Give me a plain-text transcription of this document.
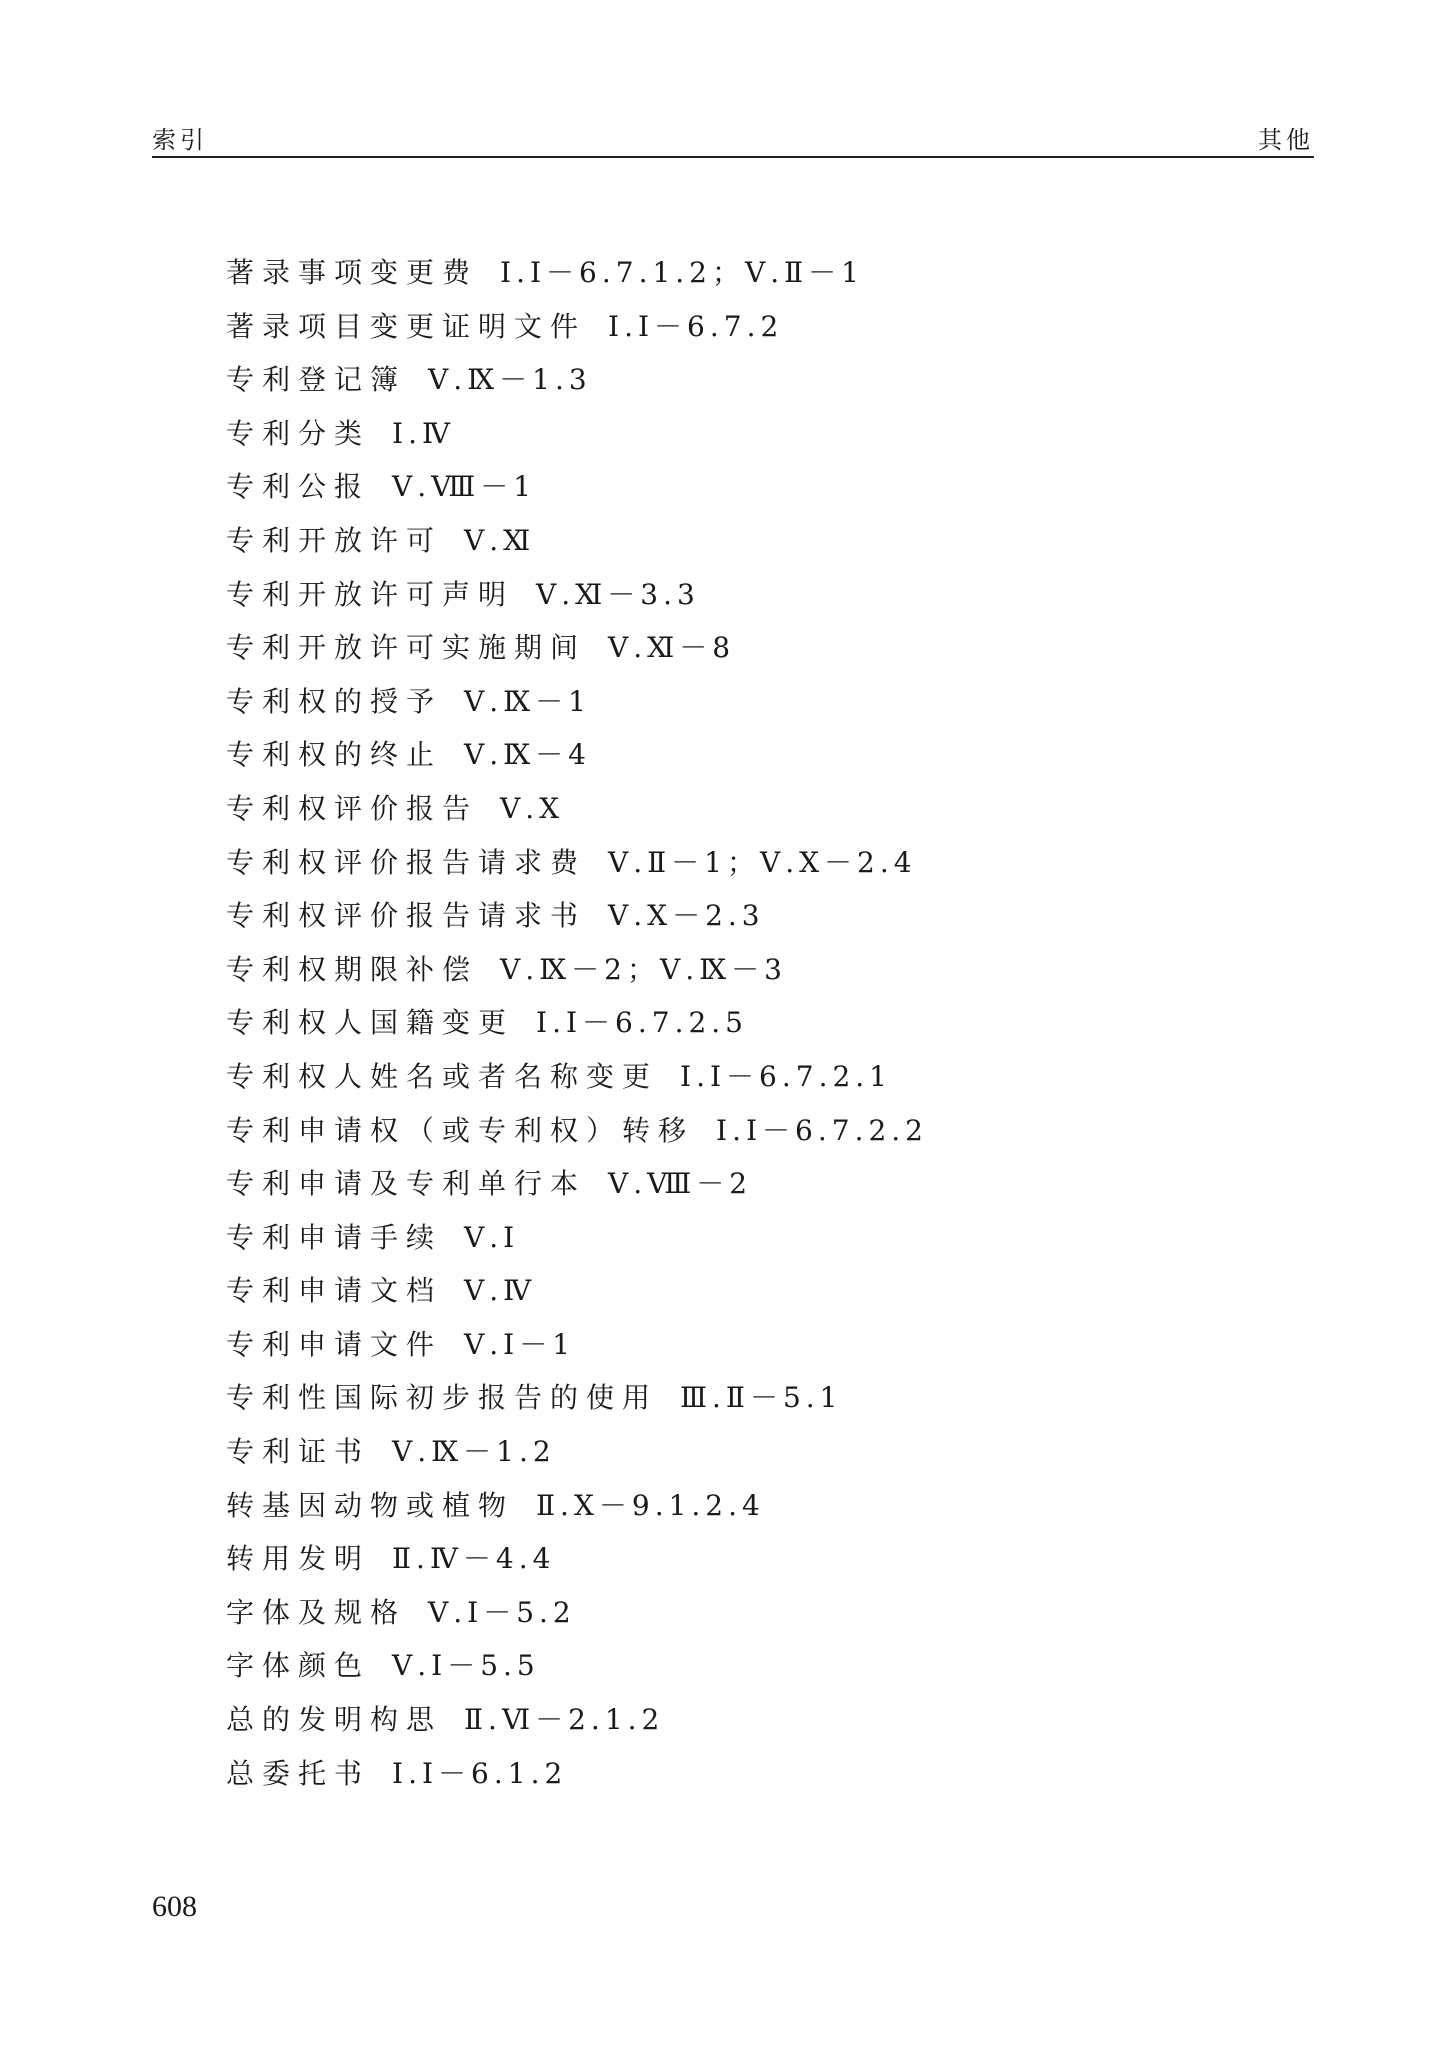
索引	其他
著录事项变更费 Ⅰ.Ⅰ－6.7.1.2；Ⅴ.Ⅱ－1
著录项目变更证明文件 Ⅰ.Ⅰ－6.7.2
专利登记簿 Ⅴ.Ⅸ－1.3
专利分类 Ⅰ.Ⅳ
专利公报 Ⅴ.Ⅷ－1
专利开放许可 Ⅴ.Ⅺ
专利开放许可声明 Ⅴ.Ⅺ－3.3
专利开放许可实施期间 Ⅴ.Ⅺ－8
专利权的授予 Ⅴ.Ⅸ－1
专利权的终止 Ⅴ.Ⅸ－4
专利权评价报告 Ⅴ.Ⅹ
专利权评价报告请求费 Ⅴ.Ⅱ－1；Ⅴ.Ⅹ－2.4
专利权评价报告请求书 Ⅴ.Ⅹ－2.3
专利权期限补偿 Ⅴ.Ⅸ－2；Ⅴ.Ⅸ－3
专利权人国籍变更 Ⅰ.Ⅰ－6.7.2.5
专利权人姓名或者名称变更 Ⅰ.Ⅰ－6.7.2.1
专利申请权（或专利权）转移 Ⅰ.Ⅰ－6.7.2.2
专利申请及专利单行本 Ⅴ.Ⅷ－2
专利申请手续 Ⅴ.Ⅰ
专利申请文档 Ⅴ.Ⅳ
专利申请文件 Ⅴ.Ⅰ－1
专利性国际初步报告的使用 Ⅲ.Ⅱ－5.1
专利证书 Ⅴ.Ⅸ－1.2
转基因动物或植物 Ⅱ.Ⅹ－9.1.2.4
转用发明 Ⅱ.Ⅳ－4.4
字体及规格 Ⅴ.Ⅰ－5.2
字体颜色 Ⅴ.Ⅰ－5.5
总的发明构思 Ⅱ.Ⅵ－2.1.2
总委托书 Ⅰ.Ⅰ－6.1.2
608
